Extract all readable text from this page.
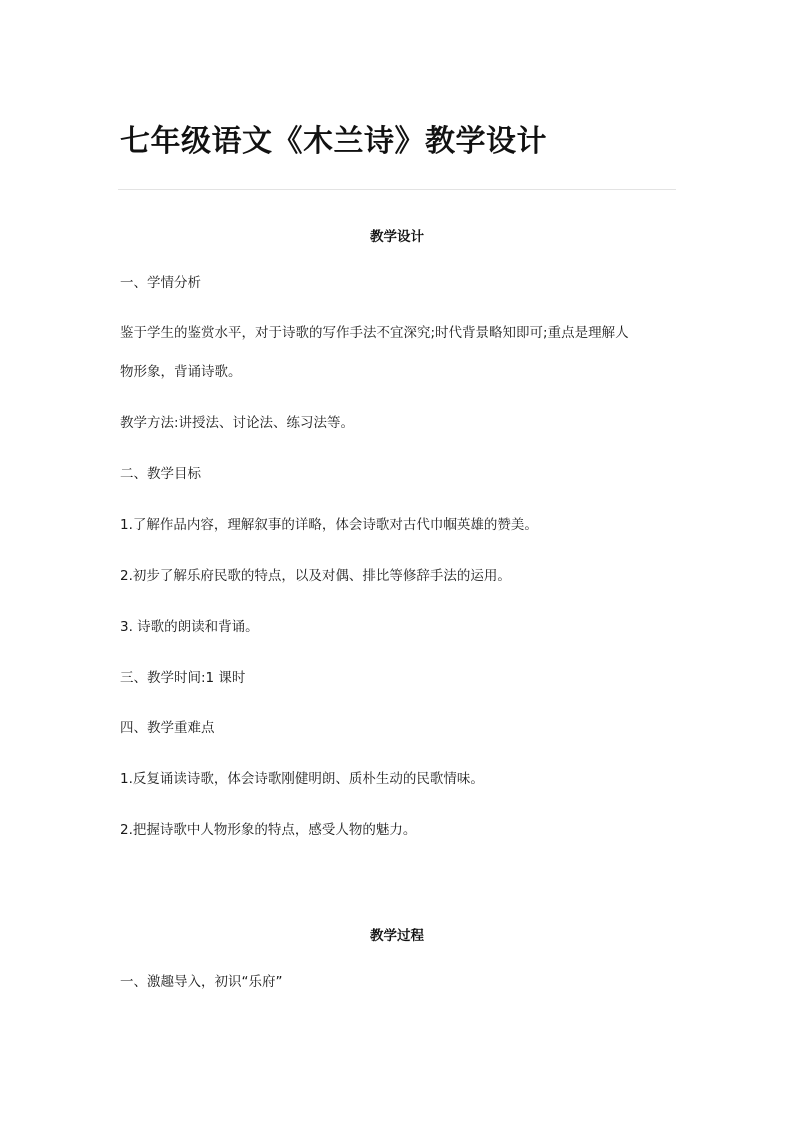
七年级语文《木兰诗》教学设计
教学设计

一、学情分析

鉴于学生的鉴赏水平，对于诗歌的写作手法不宜深究;时代背景略知即可;重点是理解人

物形象，背诵诗歌。

教学方法:讲授法、讨论法、练习法等。

二、教学目标

1.了解作品内容，理解叙事的详略，体会诗歌对古代巾帼英雄的赞美。

2.初步了解乐府民歌的特点，以及对偶、排比等修辞手法的运用。

3. 诗歌的朗读和背诵。

三、教学时间:1 课时

四、教学重难点

1.反复诵读诗歌，体会诗歌刚健明朗、质朴生动的民歌情味。

2.把握诗歌中人物形象的特点，感受人物的魅力。

教学过程

一、激趣导入，初识“乐府”
